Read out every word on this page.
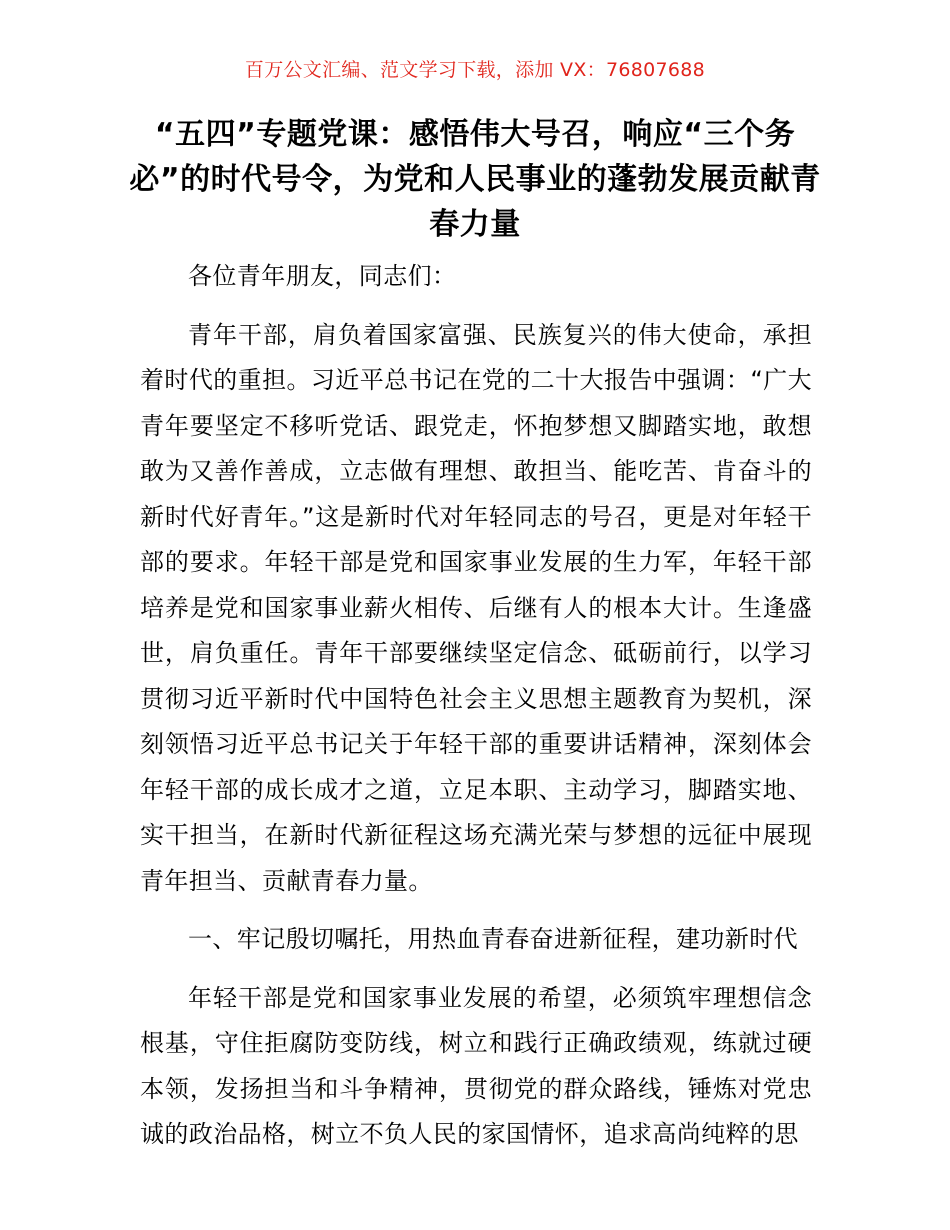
百万公文汇编、范文学习下载，添加 VX：76807688
“五四”专题党课：感悟伟大号召，响应“三个务必”的时代号令，为党和人民事业的蓬勃发展贡献青春力量

各位青年朋友，同志们：

青年干部，肩负着国家富强、民族复兴的伟大使命，承担着时代的重担。习近平总书记在党的二十大报告中强调：“广大青年要坚定不移听党话、跟党走，怀抱梦想又脚踏实地，敢想敢为又善作善成，立志做有理想、敢担当、能吃苦、肯奋斗的新时代好青年。”这是新时代对年轻同志的号召，更是对年轻干部的要求。年轻干部是党和国家事业发展的生力军，年轻干部培养是党和国家事业薪火相传、后继有人的根本大计。生逢盛世，肩负重任。青年干部要继续坚定信念、砥砺前行，以学习贯彻习近平新时代中国特色社会主义思想主题教育为契机，深刻领悟习近平总书记关于年轻干部的重要讲话精神，深刻体会年轻干部的成长成才之道，立足本职、主动学习，脚踏实地、实干担当，在新时代新征程这场充满光荣与梦想的远征中展现青年担当、贡献青春力量。

一、牢记殷切嘱托，用热血青春奋进新征程，建功新时代

年轻干部是党和国家事业发展的希望，必须筑牢理想信念根基，守住拒腐防变防线，树立和践行正确政绩观，练就过硬本领，发扬担当和斗争精神，贯彻党的群众路线，锤炼对党忠诚的政治品格，树立不负人民的家国情怀，追求高尚纯粹的思
